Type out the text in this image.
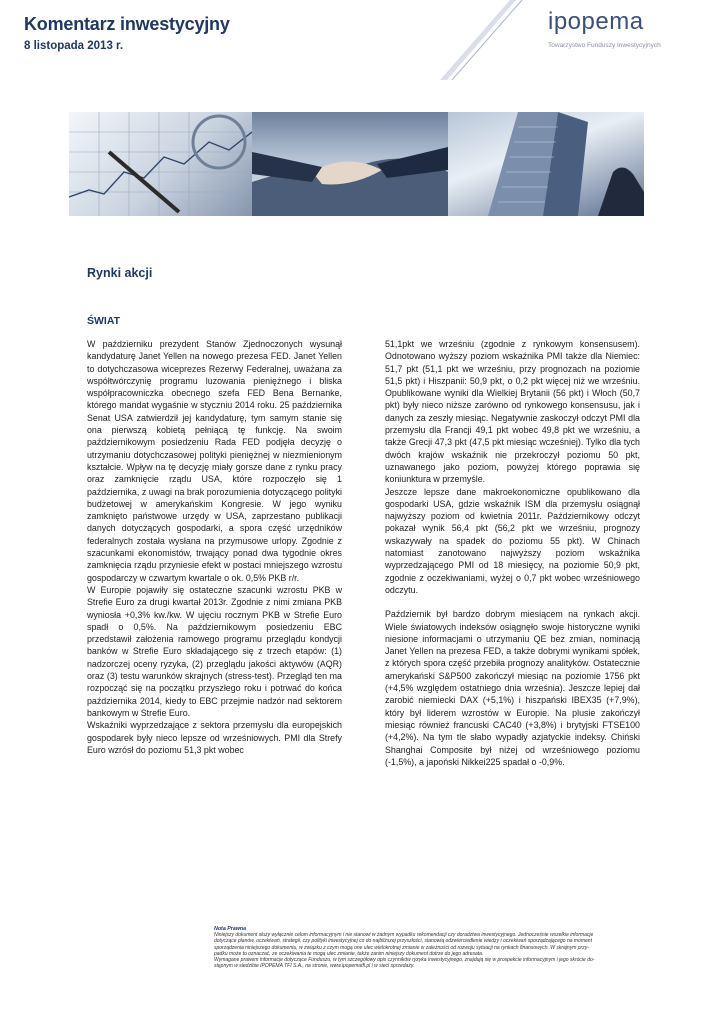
Komentarz inwestycyjny
8 listopada 2013 r.
ipopema
Towarzystwo Funduszy Inwestycyjnych
Rynki akcji
ŚWIAT

W październiku prezydent Stanów Zjednoczonych wysunął kandydaturę Janet Yellen na nowego prezesa FED. Janet Yellen to dotychczasowa wiceprezes Rezerwy Federalnej, uważana za współtwórczynię programu luzowania pieniężnego i bliska współpracowniczka obecnego szefa FED Bena Bernanke, którego mandat wygaśnie w styczniu 2014 roku. 25 października Senat USA zatwierdził jej kandydaturę, tym samym stanie się ona pierwszą kobietą pełniącą tę funkcję. Na swoim październikowym posiedzeniu Rada FED podjęła decyzję o utrzymaniu dotychczasowej polityki pieniężnej w niezmienionym kształcie. Wpływ na tę decyzję miały gorsze dane z rynku pracy oraz zamknięcie rządu USA, które rozpoczęło się 1 października, z uwagi na brak porozumienia dotyczącego polityki budżetowej w amerykańskim Kongresie. W jego wyniku zamknięto państwowe urzędy w USA, zaprzestano publikacji danych dotyczących gospodarki, a spora część urzędników federalnych została wysłana na przymusowe urlopy. Zgodnie z szacunkami ekonomistów, trwający ponad dwa tygodnie okres zamknięcia rządu przyniesie efekt w postaci mniejszego wzrostu gospodarczy w czwartym kwartale o ok. 0,5% PKB r/r.

W Europie pojawiły się ostateczne szacunki wzrostu PKB w Strefie Euro za drugi kwartał 2013r. Zgodnie z nimi zmiana PKB wyniosła +0,3% kw./kw. W ujęciu rocznym PKB w Strefie Euro spadł o 0,5%. Na październikowym posiedzeniu EBC przedstawił założenia ramowego programu przeglądu kondycji banków w Strefie Euro składającego się z trzech etapów: (1) nadzorczej oceny ryzyka, (2) przeglądu jakości aktywów (AQR) oraz (3) testu warunków skrajnych (stress-test). Przegląd ten ma rozpocząć się na początku przyszłego roku i potrwać do końca października 2014, kiedy to EBC przejmie nadzór nad sektorem bankowym w Strefie Euro.

Wskaźniki wyprzedzające z sektora przemysłu dla europejskich gospodarek były nieco lepsze od wrześniowych. PMI dla Strefy Euro wzrósł do poziomu 51,3 pkt wobec

51,1pkt we wrześniu (zgodnie z rynkowym konsensusem). Odnotowano wyższy poziom wskaźnika PMI także dla Niemiec: 51,7 pkt (51,1 pkt we wrześniu, przy prognozach na poziomie 51,5 pkt) i Hiszpanii: 50,9 pkt, o 0,2 pkt więcej niż we wrześniu. Opublikowane wyniki dla Wielkiej Brytanii (56 pkt) i Włoch (50,7 pkt) były nieco niższe zarówno od rynkowego konsensusu, jak i danych za zeszły miesiąc. Negatywnie zaskoczył odczyt PMI dla przemysłu dla Francji 49,1 pkt wobec 49,8 pkt we wrześniu, a także Grecji 47,3 pkt (47,5 pkt miesiąc wcześniej). Tylko dla tych dwóch krajów wskaźnik nie przekroczył poziomu 50 pkt, uznawanego jako poziom, powyżej którego poprawia się koniunktura w przemyśle.

Jeszcze lepsze dane makroekonomiczne opublikowano dla gospodarki USA, gdzie wskaźnik ISM dla przemysłu osiągnął najwyższy poziom od kwietnia 2011r. Październikowy odczyt pokazał wynik 56,4 pkt (56,2 pkt we wrześniu, prognozy wskazywały na spadek do poziomu 55 pkt). W Chinach natomiast zanotowano najwyższy poziom wskaźnika wyprzedzającego PMI od 18 miesięcy, na poziomie 50,9 pkt, zgodnie z oczekiwaniami, wyżej o 0,7 pkt wobec wrześniowego odczytu.

Październik był bardzo dobrym miesiącem na rynkach akcji. Wiele światowych indeksów osiągnęło swoje historyczne wyniki niesione informacjami o utrzymaniu QE bez zmian, nominacją Janet Yellen na prezesa FED, a także dobrymi wynikami spółek, z których spora część przebiła prognozy analityków. Ostatecznie amerykański S&P500 zakończył miesiąc na poziomie 1756 pkt (+4,5% względem ostatniego dnia września). Jeszcze lepiej dał zarobić niemiecki DAX (+5,1%) i hiszpański IBEX35 (+7,9%), który był liderem wzrostów w Europie. Na plusie zakończył miesiąc również francuski CAC40 (+3,8%) i brytyjski FTSE100 (+4,2%). Na tym tle słabo wypadły azjatyckie indeksy. Chiński Shanghai Composite był niżej od wrześniowego poziomu (-1,5%), a japoński Nikkei225 spadał o -0,9%.

Nota Prawna
Niniejszy dokument służy wyłącznie celom informacyjnym i nie stanowi w żadnym wypadku rekomendacji czy doradztwa inwestycyjnego. Jednocześnie wszelkie informacje
dotyczące planów, oczekiwań, strategii, czy polityki inwestycyjnej co do najbliższej przyszłości, stanowią odzwierciedlenie wiedzy i oczekiwań sporządzającego na moment
sporządzenia niniejszego dokumentu, w związku z czym mogą one ulec wielokrotnej zmianie w zależności od rozwoju sytuacji na rynkach finansowych. W skrajnym przy-
padku może to oznaczać, ze oczekiwania te mogą ulec zmianie, także zanim niniejszy dokument dotrze do jego adresata.
Wymagane prawem informacje dotyczące Funduszu, w tym szczegółowy opis czynników ryzyka inwestycyjnego, znajdują się w prospekcie informacyjnym i jego skrócie do-
stępnym w siedzibie IPOPEMA TFI S.A., na stronie, www.ipopematfi.pl i w sieci sprzedaży.
